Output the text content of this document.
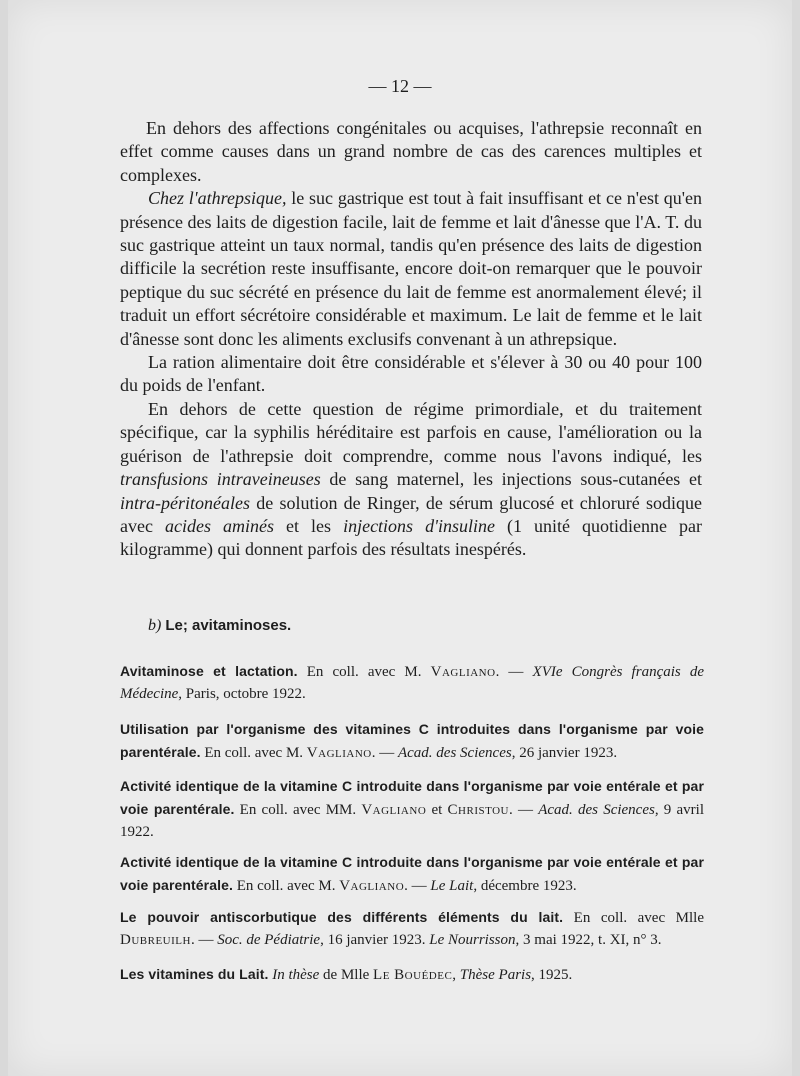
— 12 —

En dehors des affections congénitales ou acquises, l'athrepsie reconnaît en effet comme causes dans un grand nombre de cas des carences multiples et complexes.

Chez l'athrepsique, le suc gastrique est tout à fait insuffisant et ce n'est qu'en présence des laits de digestion facile, lait de femme et lait d'ânesse que l'A. T. du suc gastrique atteint un taux normal, tandis qu'en présence des laits de digestion difficile la secrétion reste insuffisante, encore doit-on remarquer que le pouvoir peptique du suc sécrété en présence du lait de femme est anormalement élevé; il traduit un effort sécrétoire considérable et maximum. Le lait de femme et le lait d'ânesse sont donc les aliments exclusifs convenant à un athrepsique.

La ration alimentaire doit être considérable et s'élever à 30 ou 40 pour 100 du poids de l'enfant.

En dehors de cette question de régime primordiale, et du traitement spécifique, car la syphilis héréditaire est parfois en cause, l'amélioration ou la guérison de l'athrepsie doit comprendre, comme nous l'avons indiqué, les transfusions intraveineuses de sang maternel, les injections sous-cutanées et intra-péritonéales de solution de Ringer, de sérum glucosé et chloruré sodique avec acides aminés et les injections d'insuline (1 unité quotidienne par kilogramme) qui donnent parfois des résultats inespérés.

b) Le; avitaminoses.
Avitaminose et lactation. En coll. avec M. Vagliano. — XVIe Congrès français de Médecine, Paris, octobre 1922.
Utilisation par l'organisme des vitamines C introduites dans l'organisme par voie parentérale. En coll. avec M. Vagliano. — Acad. des Sciences, 26 janvier 1923.
Activité identique de la vitamine C introduite dans l'organisme par voie entérale et par voie parentérale. En coll. avec MM. Vagliano et Christou. — Acad. des Sciences, 9 avril 1922.
Activité identique de la vitamine C introduite dans l'organisme par voie entérale et par voie parentérale. En coll. avec M. Vagliano. — Le Lait, décembre 1923.
Le pouvoir antiscorbutique des différents éléments du lait. En coll. avec Mlle Dubreuilh. — Soc. de Pédiatrie, 16 janvier 1923. Le Nourrisson, 3 mai 1922, t. XI, n° 3.
Les vitamines du Lait. In thèse de Mlle Le Bouédec, Thèse Paris, 1925.
